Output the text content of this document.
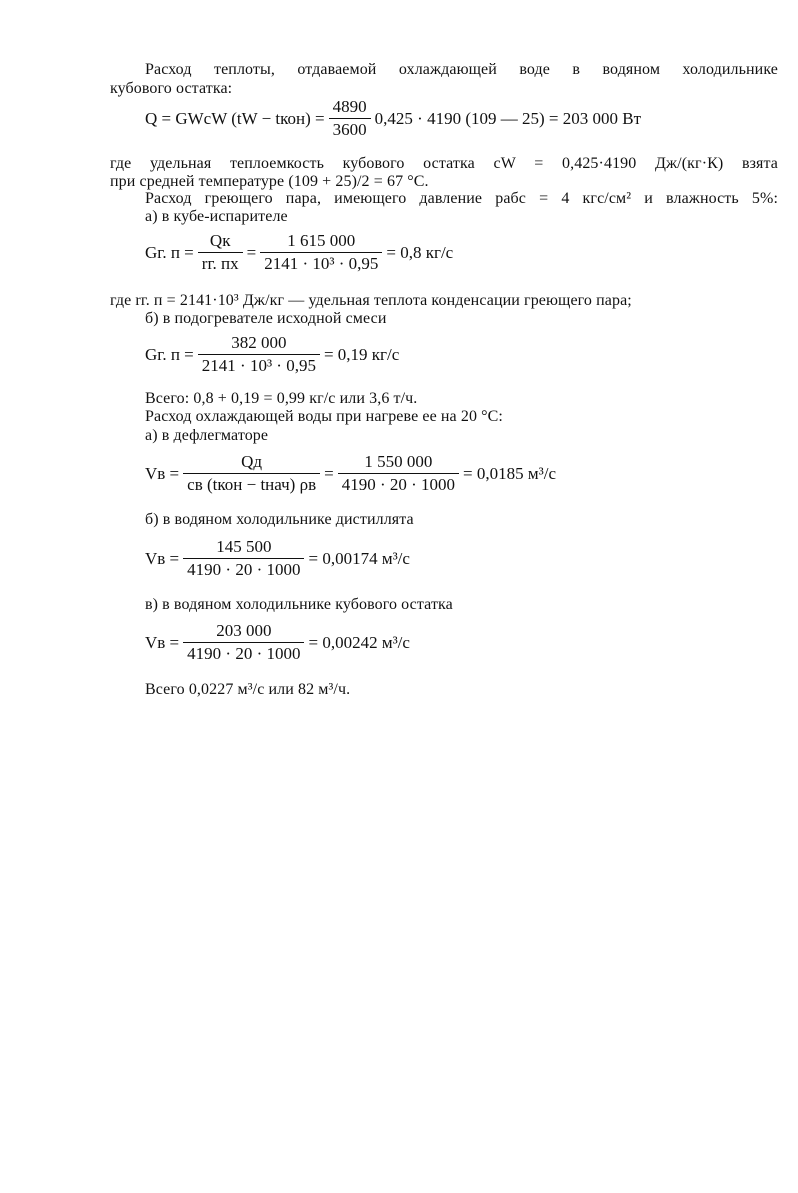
Расход теплоты, отдаваемой охлаждающей воде в водяном холодильнике
кубового остатка:
Q = GWcW (tW − tкон) = $\frac{4890}{3600} 0,425 \cdot 4190$ (109 — 25) = 203 000 Вт
где удельная теплоемкость кубового остатка cW = 0,425·4190 Дж/(кг·К) взята
при средней температуре (109 + 25)/2 = 67 °С.
Расход греющего пара, имеющего давление pабс = 4 кгс/см² и влажность 5%:
а) в кубе-испарителе
Gг. $п = \frac{Qк}{rг. пx} = \frac{1 615 000}{\text{2141 · 10³ · 0,95}} = 0,8$ кг/с
где rг. п = 2141·10³ Дж/кг — удельная теплота конденсации греющего пара;
б) в подогревателе исходной смеси
Gг. $п = \frac{382 000}{\text{2141 · 10³ · 0,95}} = 0,19$ кг/с
Всего: 0,8 + 0,19 = 0,99 кг/с или 3,6 т/ч.
Расход охлаждающей воды при нагреве ее на 20 °С:
а) в дефлегматоре
Vв = $\frac{Qд}{\text{cв (tкон − tнач) ρв}} = \frac{1 550 000}{4190 \cdot 20 \cdot 1000} = 0,0185$ м³/с
б) в водяном холодильнике дистиллята
Vв = $\frac{145 500}{4190 \cdot 20 \cdot 1000} = 0,00174$ м³/с
в) в водяном холодильнике кубового остатка
Vв = $\frac{203 000}{4190 \cdot 20 \cdot 1000} = 0,00242$ м³/с
Всего 0,0227 м³/с или 82 м³/ч.
